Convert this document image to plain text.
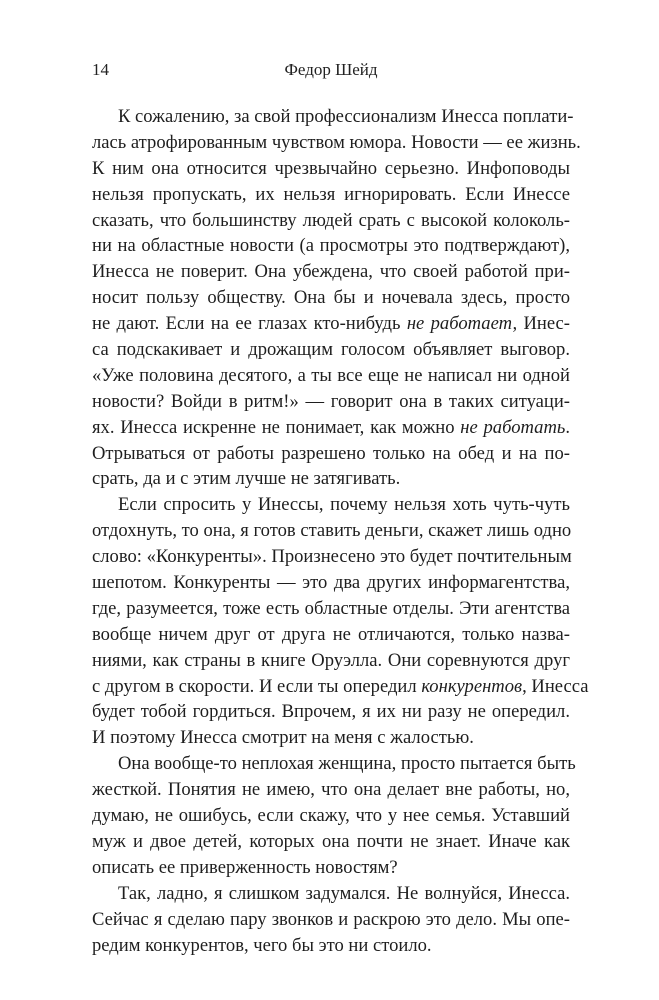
14	Федор Шейд
К сожалению, за свой профессионализм Инесса поплати-
лась атрофированным чувством юмора. Новости — ее жизнь.
К ним она относится чрезвычайно серьезно. Инфоповоды
нельзя пропускать, их нельзя игнорировать. Если Инессе
сказать, что большинству людей срать с высокой колоколь-
ни на областные новости (а просмотры это подтверждают),
Инесса не поверит. Она убеждена, что своей работой при-
носит пользу обществу. Она бы и ночевала здесь, просто
не дают. Если на ее глазах кто-нибудь не работает, Инес-
са подскакивает и дрожащим голосом объявляет выговор.
«Уже половина десятого, а ты все еще не написал ни одной
новости? Войди в ритм!» — говорит она в таких ситуаци-
ях. Инесса искренне не понимает, как можно не работать.
Отрываться от работы разрешено только на обед и на по-
срать, да и с этим лучше не затягивать.
Если спросить у Инессы, почему нельзя хоть чуть-чуть
отдохнуть, то она, я готов ставить деньги, скажет лишь одно
слово: «Конкуренты». Произнесено это будет почтительным
шепотом. Конкуренты — это два других информагентства,
где, разумеется, тоже есть областные отделы. Эти агентства
вообще ничем друг от друга не отличаются, только назва-
ниями, как страны в книге Оруэлла. Они соревнуются друг
с другом в скорости. И если ты опередил конкурентов, Инесса
будет тобой гордиться. Впрочем, я их ни разу не опередил.
И поэтому Инесса смотрит на меня с жалостью.
Она вообще-то неплохая женщина, просто пытается быть
жесткой. Понятия не имею, что она делает вне работы, но,
думаю, не ошибусь, если скажу, что у нее семья. Уставший
муж и двое детей, которых она почти не знает. Иначе как
описать ее приверженность новостям?
Так, ладно, я слишком задумался. Не волнуйся, Инесса.
Сейчас я сделаю пару звонков и раскрою это дело. Мы опе-
редим конкурентов, чего бы это ни стоило.
